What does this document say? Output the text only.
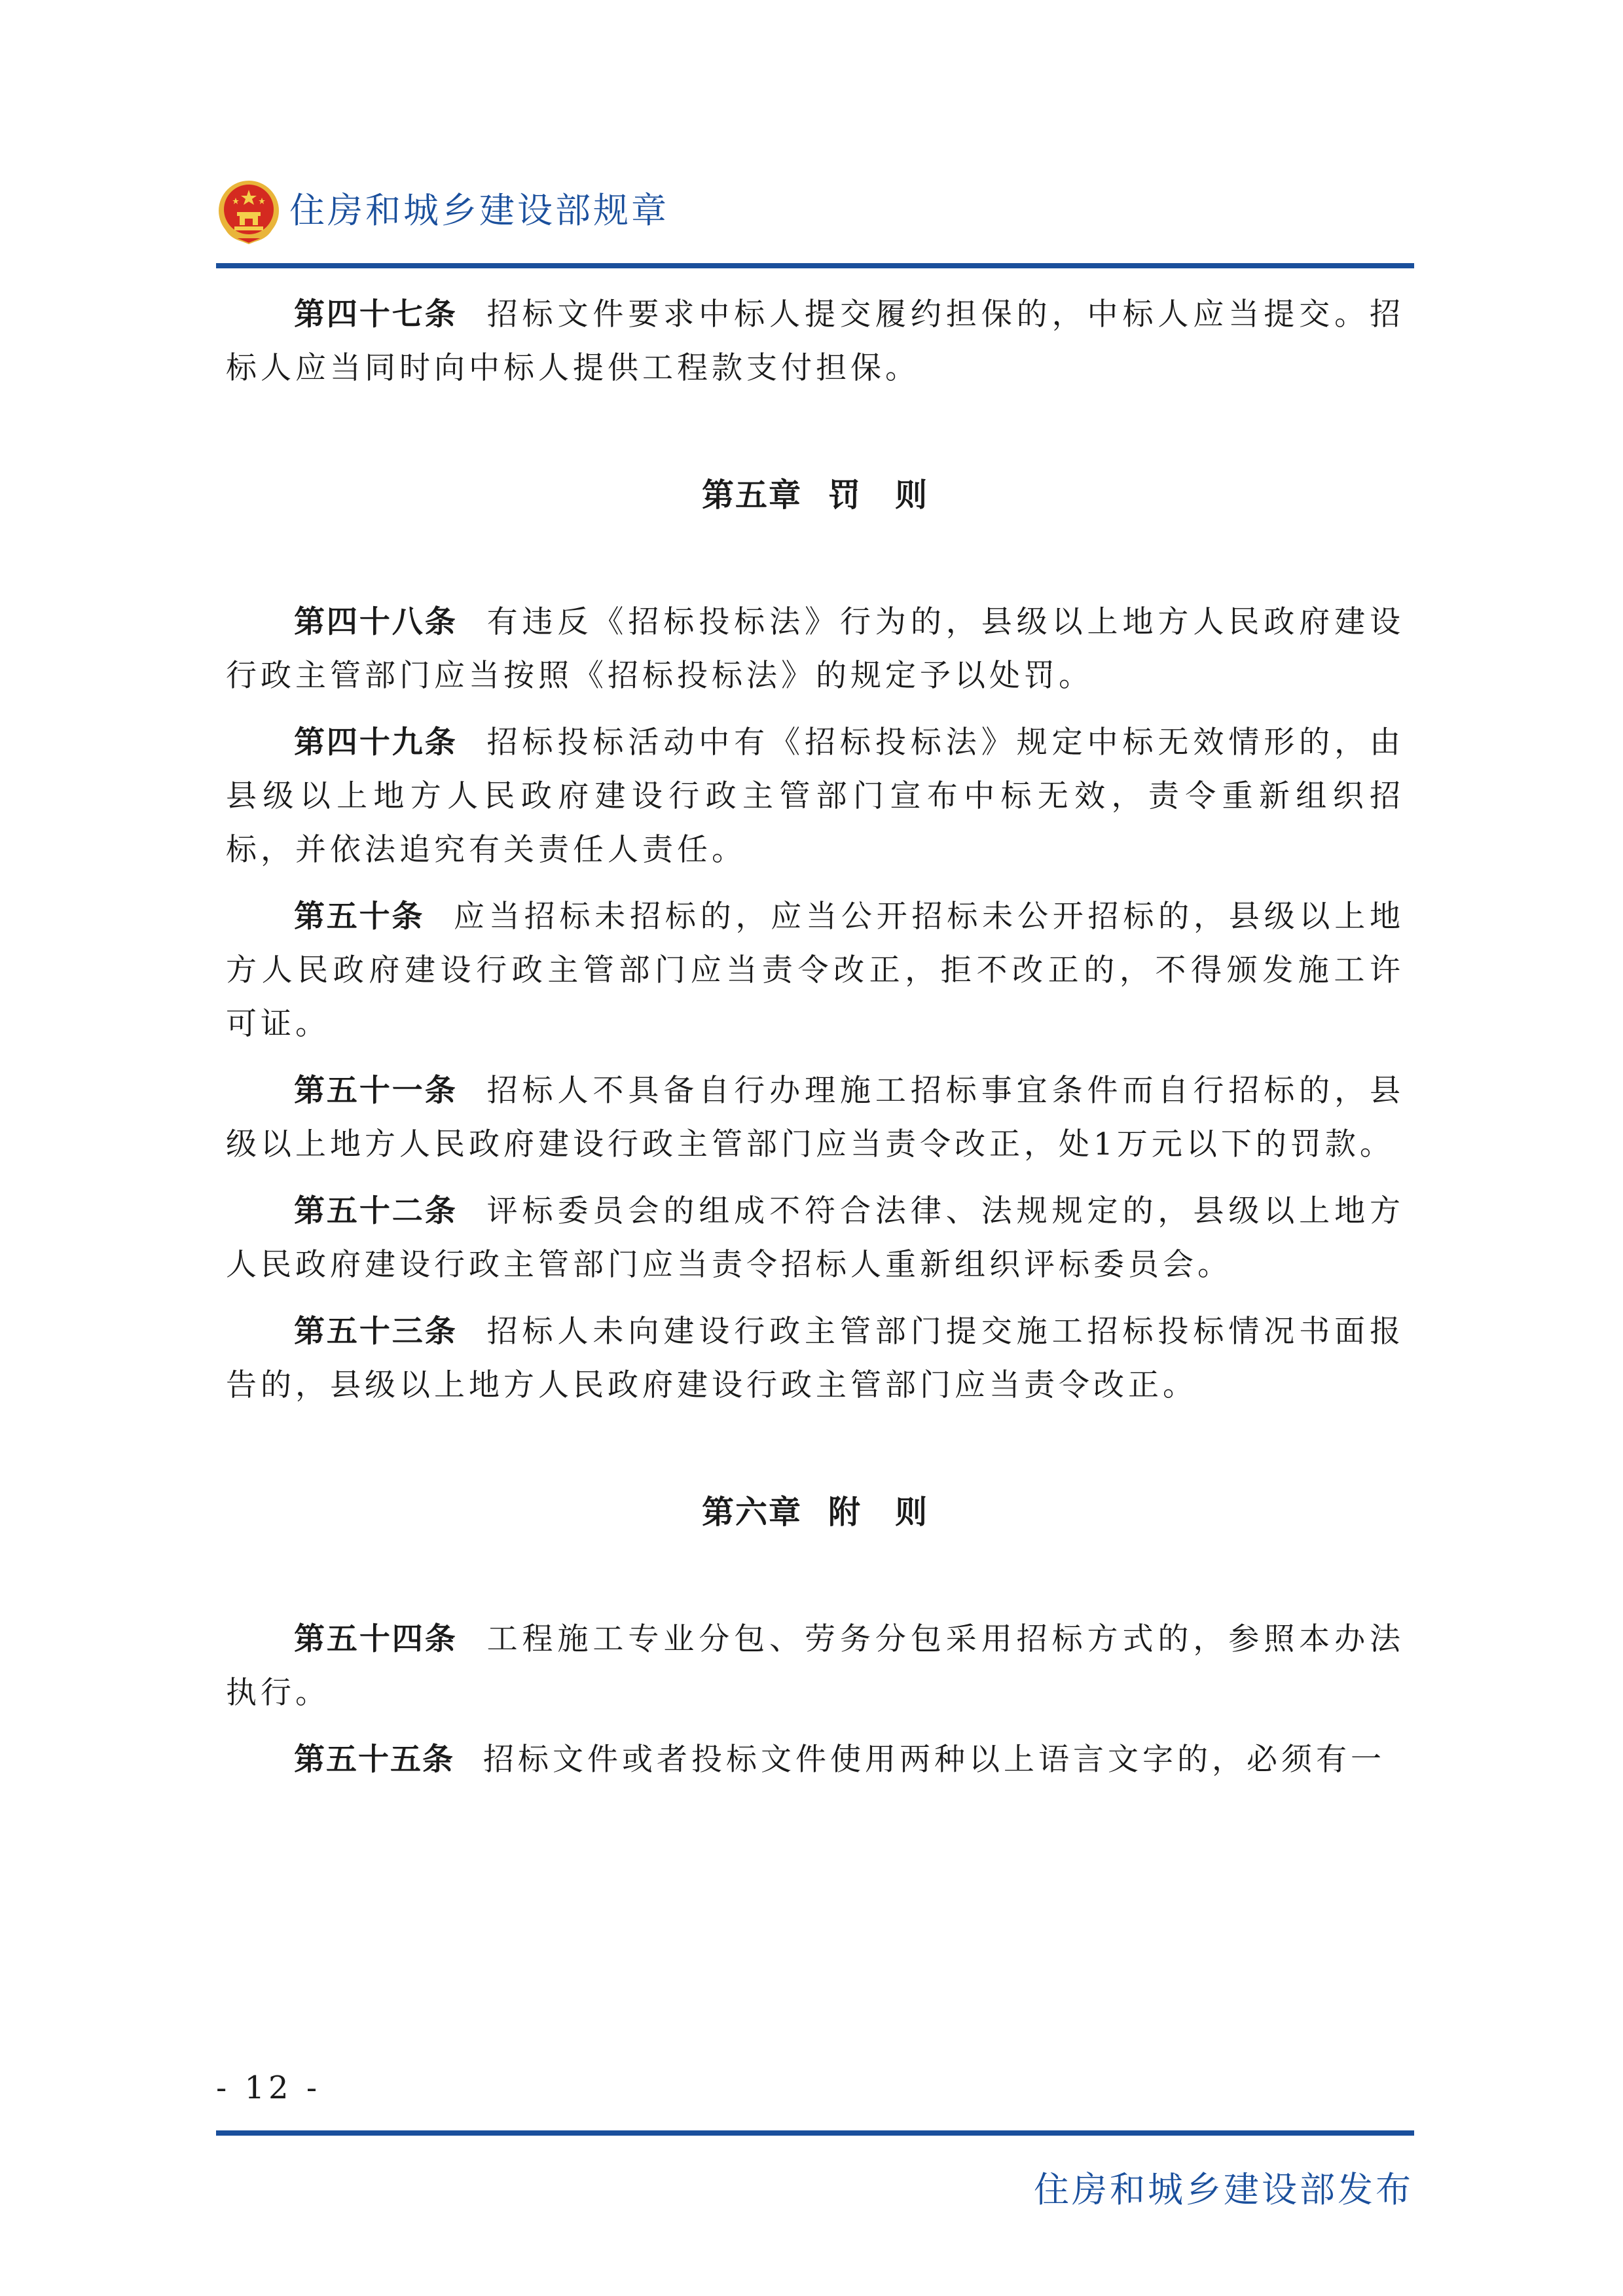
住房和城乡建设部规章

第四十七条 招标文件要求中标人提交履约担保的，中标人应当提交。招标人应当同时向中标人提供工程款支付担保。

第五章 罚　则

第四十八条 有违反《招标投标法》行为的，县级以上地方人民政府建设行政主管部门应当按照《招标投标法》的规定予以处罚。

第四十九条 招标投标活动中有《招标投标法》规定中标无效情形的，由县级以上地方人民政府建设行政主管部门宣布中标无效，责令重新组织招标，并依法追究有关责任人责任。

第五十条 应当招标未招标的，应当公开招标未公开招标的，县级以上地方人民政府建设行政主管部门应当责令改正，拒不改正的，不得颁发施工许可证。

第五十一条 招标人不具备自行办理施工招标事宜条件而自行招标的，县级以上地方人民政府建设行政主管部门应当责令改正，处1万元以下的罚款。

第五十二条 评标委员会的组成不符合法律、法规规定的，县级以上地方人民政府建设行政主管部门应当责令招标人重新组织评标委员会。

第五十三条 招标人未向建设行政主管部门提交施工招标投标情况书面报告的，县级以上地方人民政府建设行政主管部门应当责令改正。

第六章 附　则

第五十四条 工程施工专业分包、劳务分包采用招标方式的，参照本办法执行。

第五十五条 招标文件或者投标文件使用两种以上语言文字的，必须有一

- 12 -
住房和城乡建设部发布
